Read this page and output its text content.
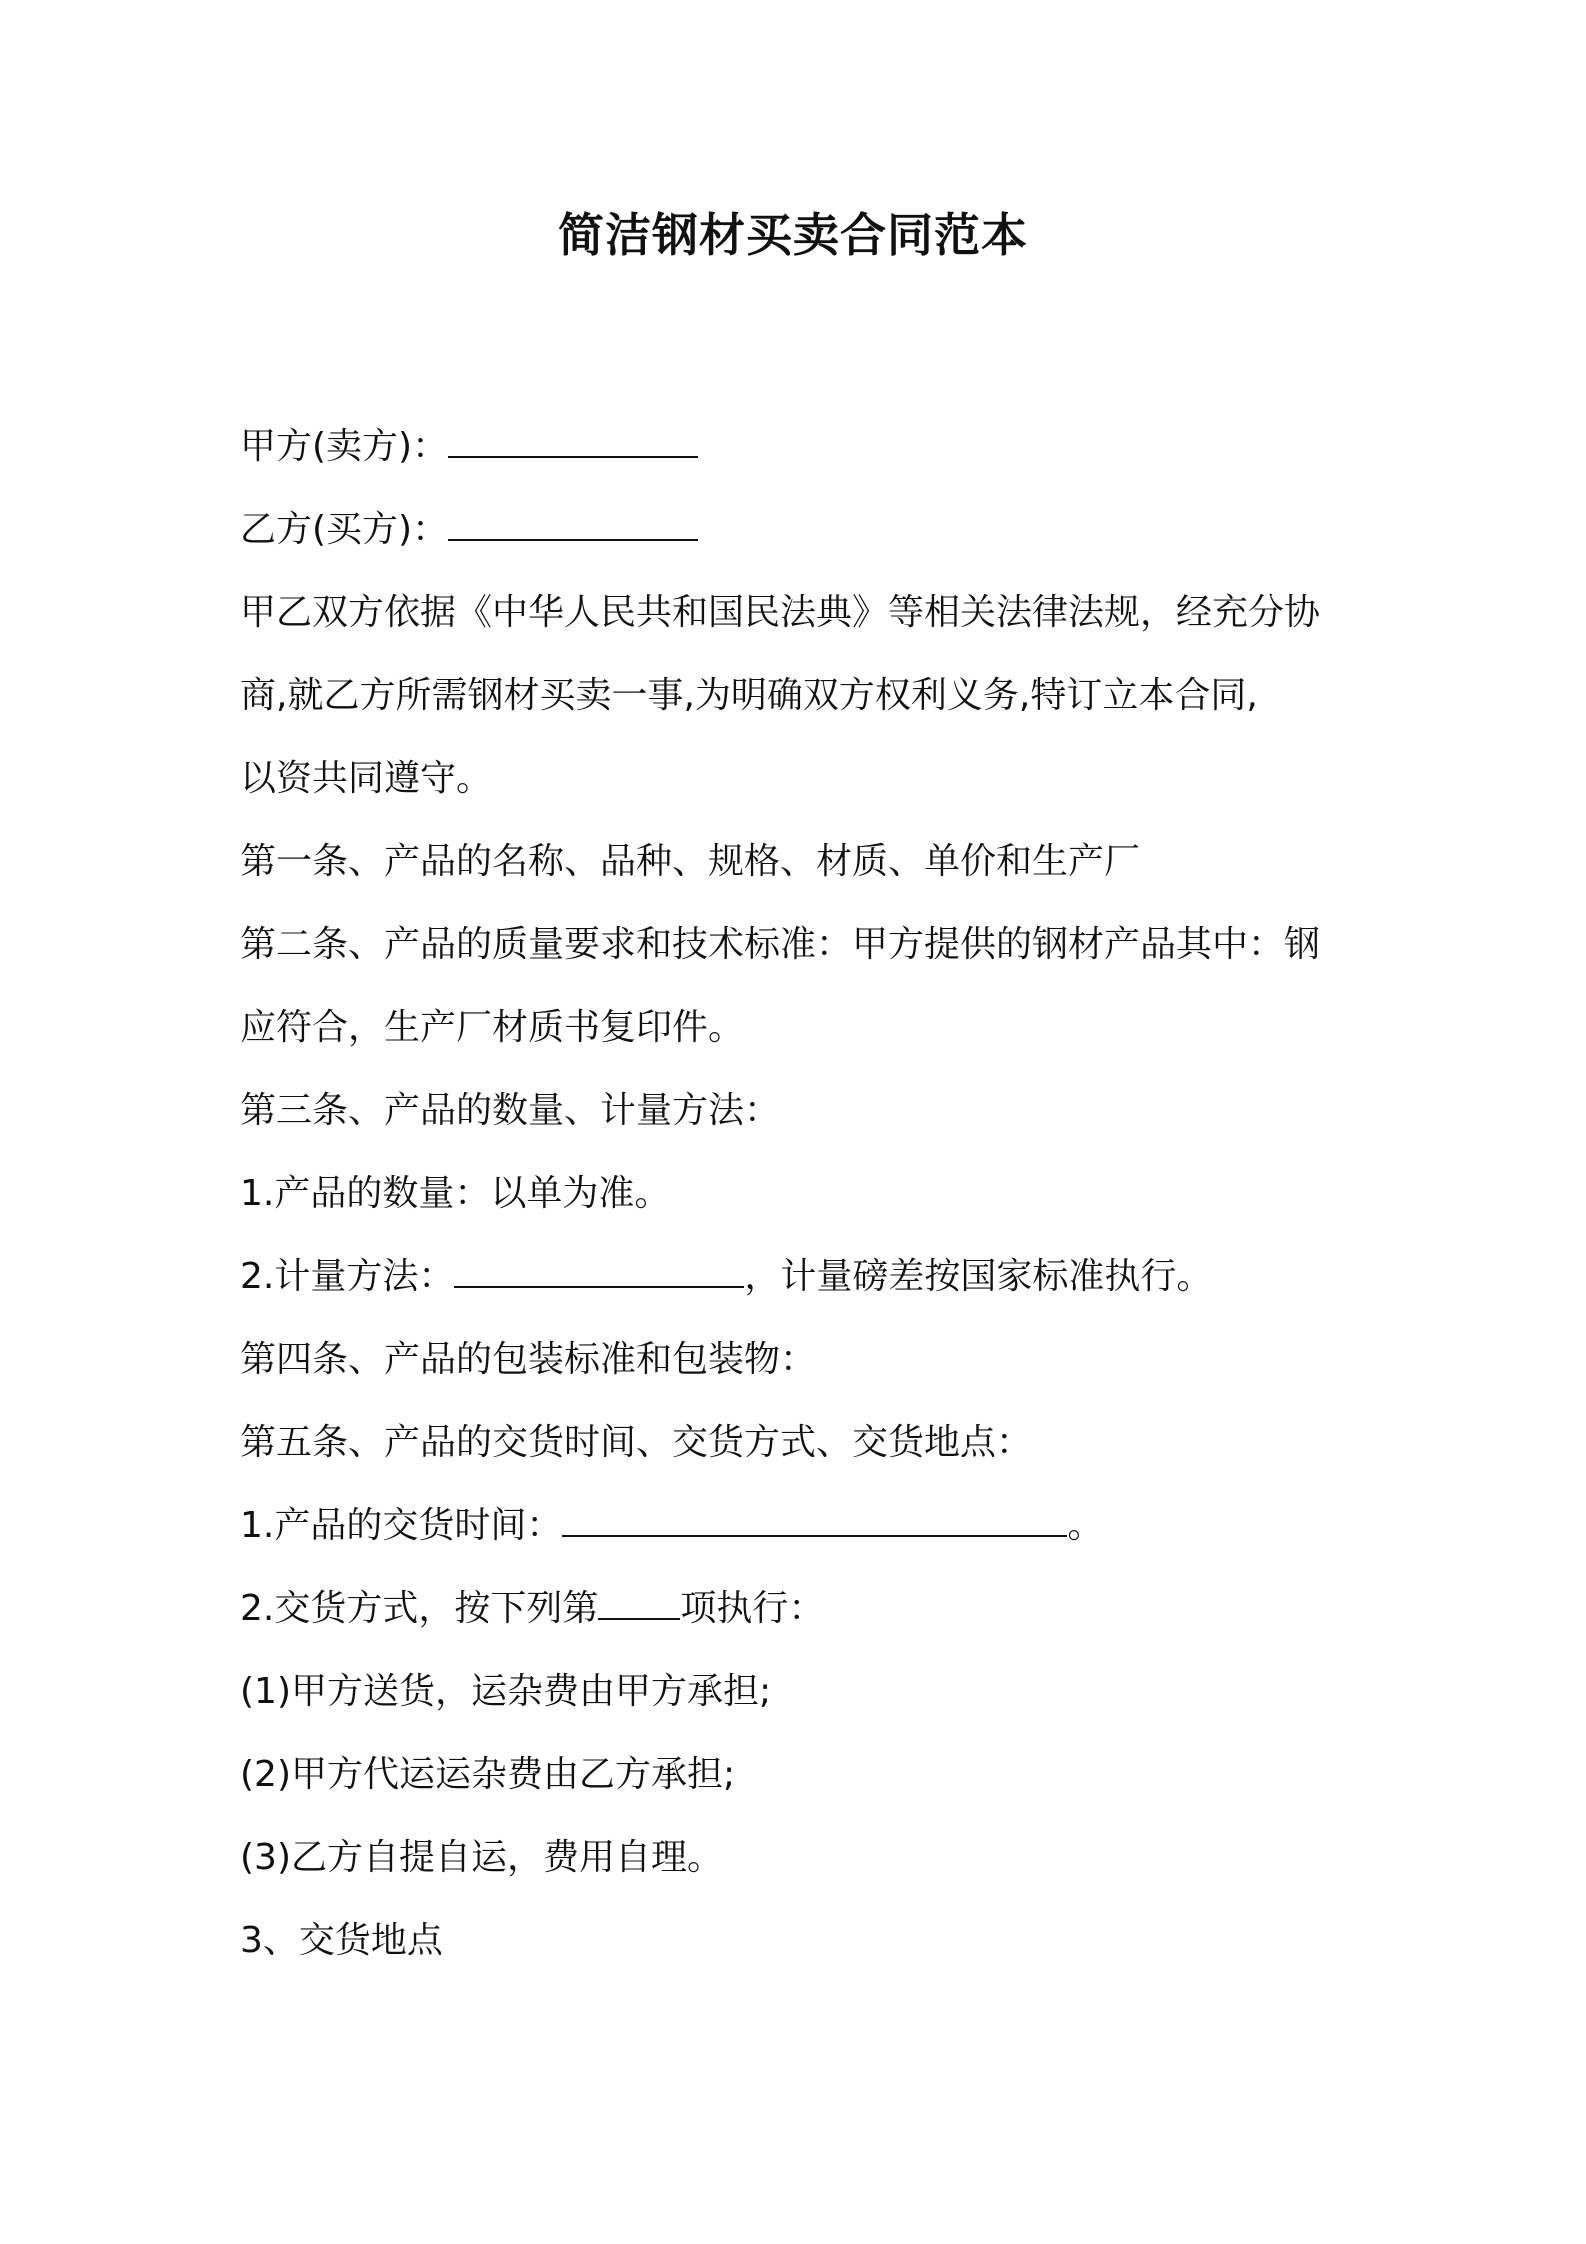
简洁钢材买卖合同范本
甲方(卖方)：
乙方(买方)：
甲乙双方依据《中华人民共和国民法典》等相关法律法规，经充分协
商,就乙方所需钢材买卖一事,为明确双方权利义务,特订立本合同,
以资共同遵守。
第一条、产品的名称、品种、规格、材质、单价和生产厂
第二条、产品的质量要求和技术标准：甲方提供的钢材产品其中：钢
应符合，生产厂材质书复印件。
第三条、产品的数量、计量方法：
1.产品的数量：以单为准。
2.计量方法：	，计量磅差按国家标准执行。
第四条、产品的包装标准和包装物：
第五条、产品的交货时间、交货方式、交货地点：
1.产品的交货时间：	。
2.交货方式，按下列第 项执行：
(1)甲方送货，运杂费由甲方承担;
(2)甲方代运运杂费由乙方承担;
(3)乙方自提自运，费用自理。
3、交货地点
